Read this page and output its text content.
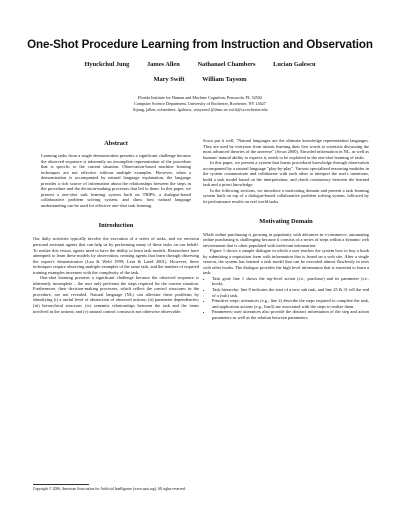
One-Shot Procedure Learning from Instruction and Observation
Hyuckchul Jung	James Allen	Nathanael Chambers	Lucian Galescu
Mary Swift	William Taysom
Florida Institute for Human and Machine Cognition, Pensacola, FL 32502
Computer Science Department, University of Rochester, Rochester, NY 14627
{hjung, jallen, nchambers, lgalescu, wtaysom}@ihmc.us swift@cs.rochester.edu
Abstract
Learning tasks from a single demonstration presents a significant challenge because the observed sequence is inherently an incomplete representation of the procedure that is specific to the current situation. Observation-based machine learning techniques are not effective without multiple examples. However, when a demonstration is accompanied by natural language explanation, the language provides a rich source of information about the relationships between the steps in the procedure and the decision-making processes that led to them. In this paper, we present a one-shot task learning system built on TRIPS, a dialogue-based collaborative problem solving system, and show how natural language understanding can be used for effective one-shot task learning.
Introduction

Our daily activities typically involve the execution of a series of tasks, and we envision personal assistant agents that can help us by performing many of these tasks on our behalf. To realize this vision, agents need to have the ability to learn task models. Researchers have attempted to learn these models by observation, creating agents that learn through observing the expert's demonstration (Lau & Weld 1999; Lent & Laird 2001). However, these techniques require observing multiple examples of the same task, and the number of required training examples increases with the complexity of the task.

One-shot learning presents a significant challenge because the observed sequence is inherently incomplete – the user only performs the steps required for the current situation. Furthermore, their decision-making processes, which reflect the control structures in the procedure, are not revealed. Natural language (NL) can alleviate these problems by identifying (i) a useful level of abstraction of observed actions; (ii) parameter dependencies; (iii) hierarchical structure; (iv) semantic relationships between the task and the items involved in the actions; and (v) natural control constructs not otherwise observable.

Copyright © 2006, American Association for Artificial Intelligence (www.aaai.org). All rights reserved.

Sowa put it well, "Natural languages are the ultimate knowledge representation languages. They are used by everyone from infants learning their first words to scientists discussing the most advanced theories of the universe" (Sowa 2000). Encoded information in NL, as well as humans' natural ability to express it, needs to be exploited in the one-shot learning of tasks.

In this paper, we present a system that learns procedural knowledge through observation accompanied by a natural language "play-by-play". Various specialized reasoning modules in the system communicate and collaborate with each other to interpret the user's intentions, build a task model based on the interpretation, and check consistency between the learned task and a priori knowledge.

In the following sections, we introduce a motivating domain and present a task learning system built on top of a dialogue-based collaborative problem solving system, followed by its performance results on real world tasks.

Motivating Domain

While online purchasing is growing in popularity with advances in e-commerce, automating online purchasing is challenging because it consists of a series of steps within a dynamic web environment that is often populated with irrelevant information.

Figure 1 shows a sample dialogue in which a user teaches the system how to buy a book by submitting a requisition form with information that is found on a web site. After a single session, the system has learned a task model that can be executed almost flawlessly in tests with other books. The dialogue provides the high level information that is essential to learn a task:

• Task goal: line 1 shows the top-level action (i.e., purchase) and its parameter (i.e., book).
• Task hierarchy: line 8 indicates the start of a new sub task, and line 25 & 31 tell the end of a (sub) task.
• Primitive steps: utterances (e.g., line 2) describe the steps required to complete the task, and application actions (e.g., line3) are associated with the steps to realize them.
• Parameters: user utterances also provide the abstract information of the step and action parameters as well as the relation between parameters.
